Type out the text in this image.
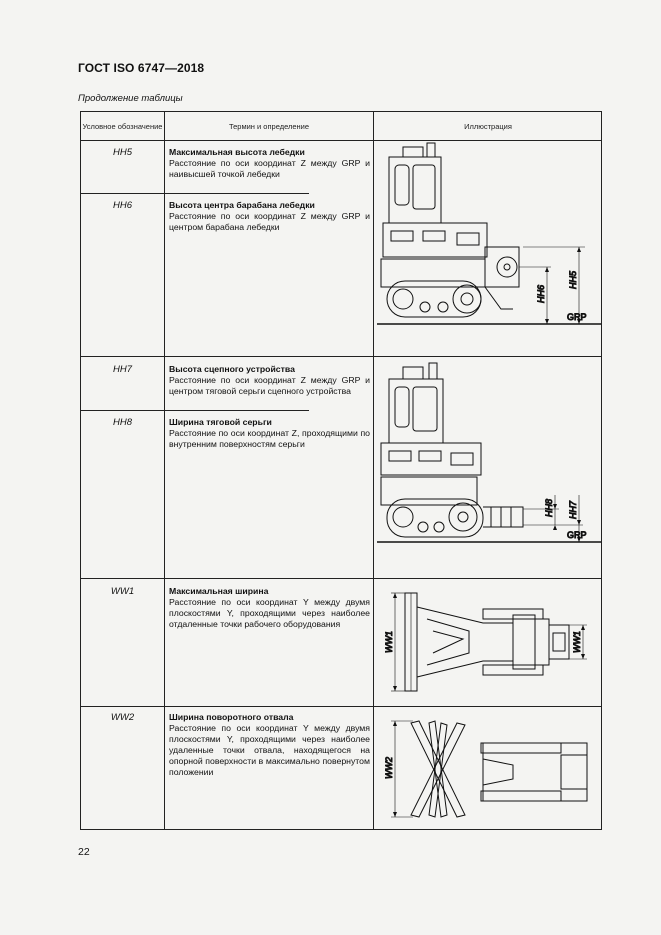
ГОСТ ISO 6747—2018
Продолжение таблицы
Условное обозначение	Термин и определение	Иллюстрация
HH5	Максимальная высота лебедки
Расстояние по оси координат Z между GRP и наивысшей точкой лебедки
HH6	Высота центра барабана лебедки
Расстояние по оси координат Z между GRP и центром барабана лебедки
HH7	Высота сцепного устройства
Расстояние по оси координат Z между GRP и центром тяговой серьги сцепного устройства
HH8	Ширина тяговой серьги
Расстояние по оси координат Z, проходящими по внутренним поверхностям серьги
WW1	Максимальная ширина
Расстояние по оси координат Y между двумя плоскостями Y, проходящими через наиболее отдаленные точки рабочего оборудования
WW2	Ширина поворотного отвала
Расстояние по оси координат Y между двумя плоскостями Y, проходящими через наиболее удаленные точки отвала, находящегося на опорной поверхности в максимально повернутом положении
HH6
HH5
GRP
HH8 HH7
GRP
WW1	WW1
WW2
22
